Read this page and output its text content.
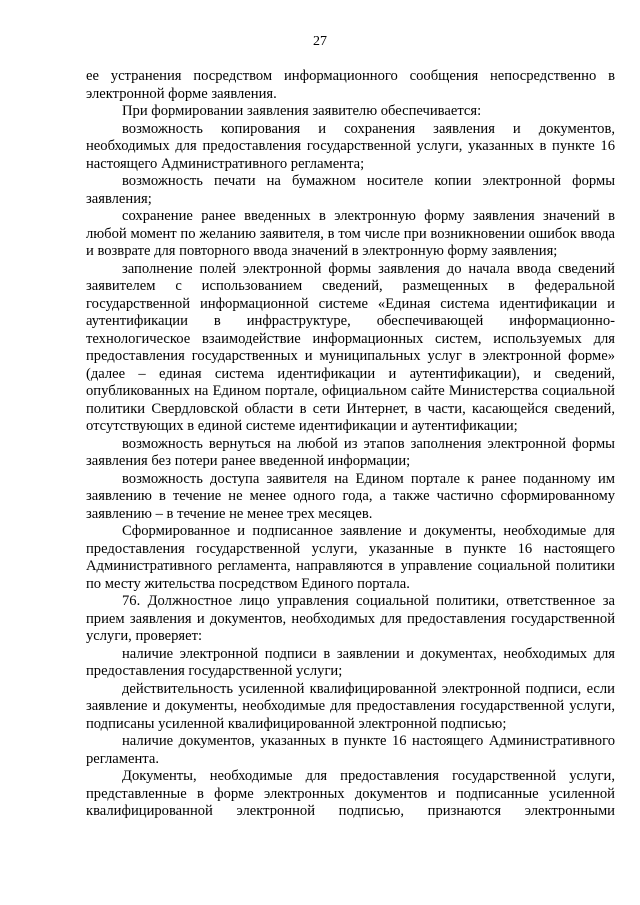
27

ее устранения посредством информационного сообщения непосредственно в электронной форме заявления.

При формировании заявления заявителю обеспечивается:

возможность копирования и сохранения заявления и документов, необходимых для предоставления государственной услуги, указанных в пункте 16 настоящего Административного регламента;

возможность печати на бумажном носителе копии электронной формы заявления;

сохранение ранее введенных в электронную форму заявления значений в любой момент по желанию заявителя, в том числе при возникновении ошибок ввода и возврате для повторного ввода значений в электронную форму заявления;

заполнение полей электронной формы заявления до начала ввода сведений заявителем с использованием сведений, размещенных в федеральной государственной информационной системе «Единая система идентификации и аутентификации в инфраструктуре, обеспечивающей информационно-технологическое взаимодействие информационных систем, используемых для предоставления государственных и муниципальных услуг в электронной форме» (далее – единая система идентификации и аутентификации), и сведений, опубликованных на Едином портале, официальном сайте Министерства социальной политики Свердловской области в сети Интернет, в части, касающейся сведений, отсутствующих в единой системе идентификации и аутентификации;

возможность вернуться на любой из этапов заполнения электронной формы заявления без потери ранее введенной информации;

возможность доступа заявителя на Едином портале к ранее поданному им заявлению в течение не менее одного года, а также частично сформированному заявлению – в течение не менее трех месяцев.

Сформированное и подписанное заявление и документы, необходимые для предоставления государственной услуги, указанные в пункте 16 настоящего Административного регламента, направляются в управление социальной политики по месту жительства посредством Единого портала.

76. Должностное лицо управления социальной политики, ответственное за прием заявления и документов, необходимых для предоставления государственной услуги, проверяет:

наличие электронной подписи в заявлении и документах, необходимых для предоставления государственной услуги;

действительность усиленной квалифицированной электронной подписи, если заявление и документы, необходимые для предоставления государственной услуги, подписаны усиленной квалифицированной электронной подписью;

наличие документов, указанных в пункте 16 настоящего Административного регламента.

Документы, необходимые для предоставления государственной услуги, представленные в форме электронных документов и подписанные усиленной квалифицированной электронной подписью, признаются электронными
